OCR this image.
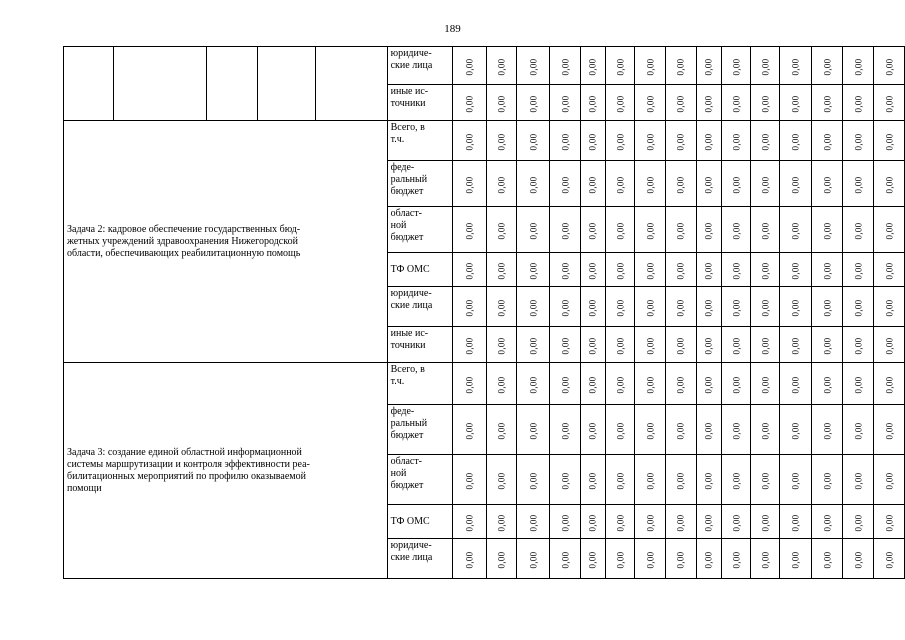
189
					юридиче-
ские лица	0,00	0,00	0,00	0,00	0,00	0,00	0,00	0,00	0,00	0,00	0,00	0,00	0,00	0,00	0,00
					иные ис-
точники	0,00	0,00	0,00	0,00	0,00	0,00	0,00	0,00	0,00	0,00	0,00	0,00	0,00	0,00	0,00
Задача 2: кадровое обеспечение государственных бюд-
жетных учреждений здравоохранения Нижегородской
области, обеспечивающих реабилитационную помощь					Всего, в
т.ч.	0,00	0,00	0,00	0,00	0,00	0,00	0,00	0,00	0,00	0,00	0,00	0,00	0,00	0,00	0,00
					феде-
ральный
бюджет	0,00	0,00	0,00	0,00	0,00	0,00	0,00	0,00	0,00	0,00	0,00	0,00	0,00	0,00	0,00
					област-
ной
бюджет	0,00	0,00	0,00	0,00	0,00	0,00	0,00	0,00	0,00	0,00	0,00	0,00	0,00	0,00	0,00
					ТФ ОМС	0,00	0,00	0,00	0,00	0,00	0,00	0,00	0,00	0,00	0,00	0,00	0,00	0,00	0,00	0,00
					юридиче-
ские лица	0,00	0,00	0,00	0,00	0,00	0,00	0,00	0,00	0,00	0,00	0,00	0,00	0,00	0,00	0,00
					иные ис-
точники	0,00	0,00	0,00	0,00	0,00	0,00	0,00	0,00	0,00	0,00	0,00	0,00	0,00	0,00	0,00
Задача 3: создание единой областной информационной
системы маршрутизации и контроля эффективности реа-
билитационных мероприятий по профилю оказываемой
помощи					Всего, в
т.ч.	0,00	0,00	0,00	0,00	0,00	0,00	0,00	0,00	0,00	0,00	0,00	0,00	0,00	0,00	0,00
					феде-
ральный
бюджет	0,00	0,00	0,00	0,00	0,00	0,00	0,00	0,00	0,00	0,00	0,00	0,00	0,00	0,00	0,00
					област-
ной
бюджет	0,00	0,00	0,00	0,00	0,00	0,00	0,00	0,00	0,00	0,00	0,00	0,00	0,00	0,00	0,00
					ТФ ОМС	0,00	0,00	0,00	0,00	0,00	0,00	0,00	0,00	0,00	0,00	0,00	0,00	0,00	0,00	0,00
					юридиче-
ские лица	0,00	0,00	0,00	0,00	0,00	0,00	0,00	0,00	0,00	0,00	0,00	0,00	0,00	0,00	0,00
